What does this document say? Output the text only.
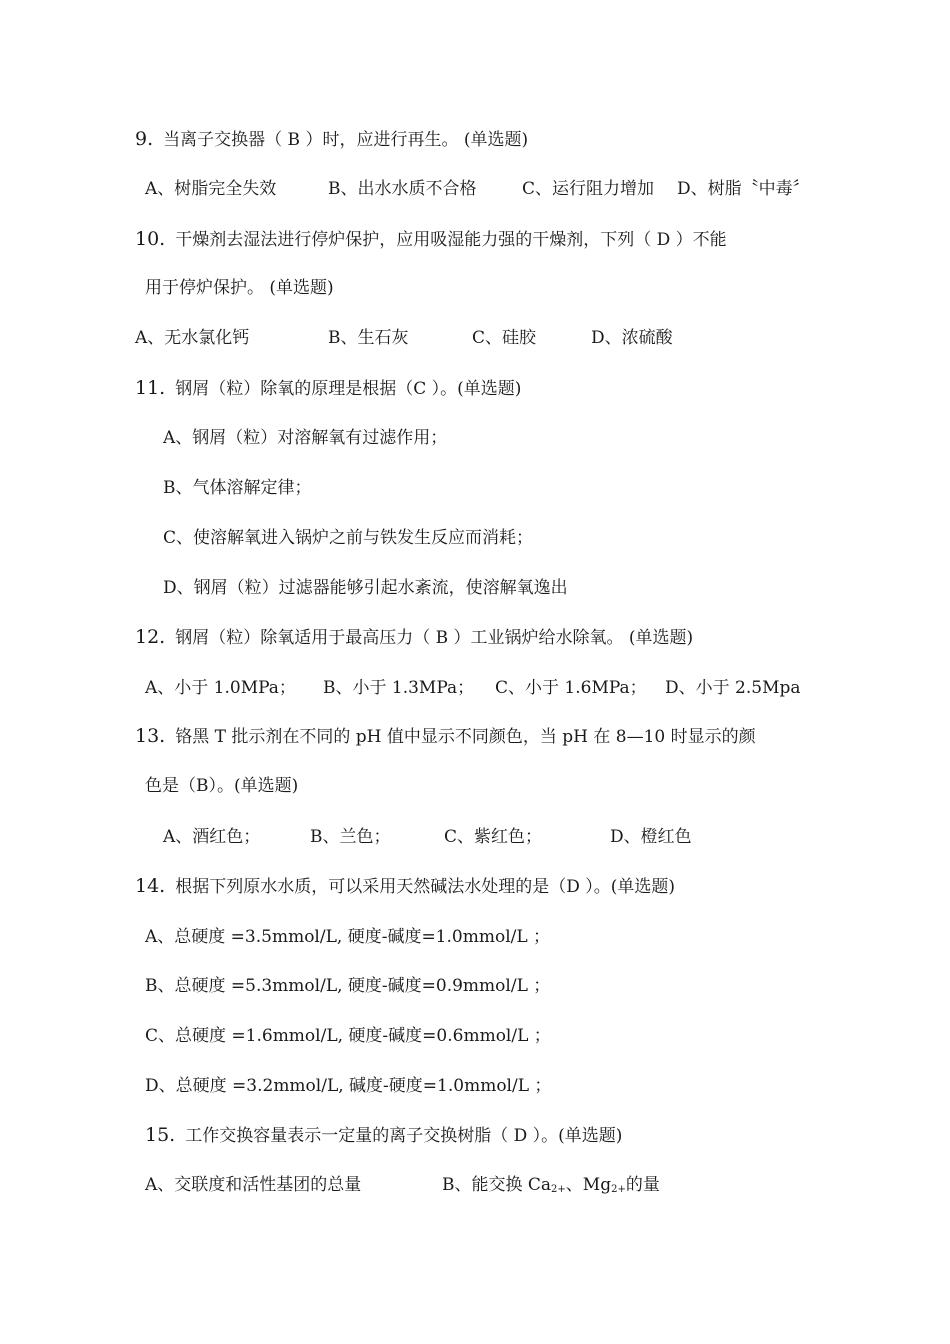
9. 当离子交换器（ B ）时，应进行再生。 (单选题)
A、树脂完全失效	B、出水水质不合格	C、运行阻力增加 D、树脂〝中毒〞
10. 干燥剂去湿法进行停炉保护，应用吸湿能力强的干燥剂，下列（ D ）不能
用于停炉保护。 (单选题)
A、无水氯化钙	B、生石灰	C、硅胶	D、浓硫酸
11. 钢屑（粒）除氧的原理是根据（C ）。(单选题)
A、钢屑（粒）对溶解氧有过滤作用；
B、气体溶解定律；
C、使溶解氧进入锅炉之前与铁发生反应而消耗；
D、钢屑（粒）过滤器能够引起水紊流，使溶解氧逸出
12. 钢屑（粒）除氧适用于最高压力（ B ）工业锅炉给水除氧。 (单选题)
A、小于 1.0MPa； B、小于 1.3MPa； C、小于 1.6MPa； D、小于 2.5Mpa
13. 铬黑 T 批示剂在不同的 pH 值中显示不同颜色，当 pH 在 8—10 时显示的颜
色是（B）。(单选题)
A、酒红色；	B、兰色；	C、紫红色；	D、橙红色
14. 根据下列原水水质，可以采用天然碱法水处理的是（D ）。(单选题)
A、总硬度 =3.5mmol/L, 硬度-碱度=1.0mmol/L ；
B、总硬度 =5.3mmol/L, 硬度-碱度=0.9mmol/L ；
C、总硬度 =1.6mmol/L, 硬度-碱度=0.6mmol/L ；
D、总硬度 =3.2mmol/L, 碱度-硬度=1.0mmol/L ；
15. 工作交换容量表示一定量的离子交换树脂（ D ）。(单选题)
A、交联度和活性基团的总量	B、能交换 $Ca_{2+}$、$Mg_{2+}$的量
